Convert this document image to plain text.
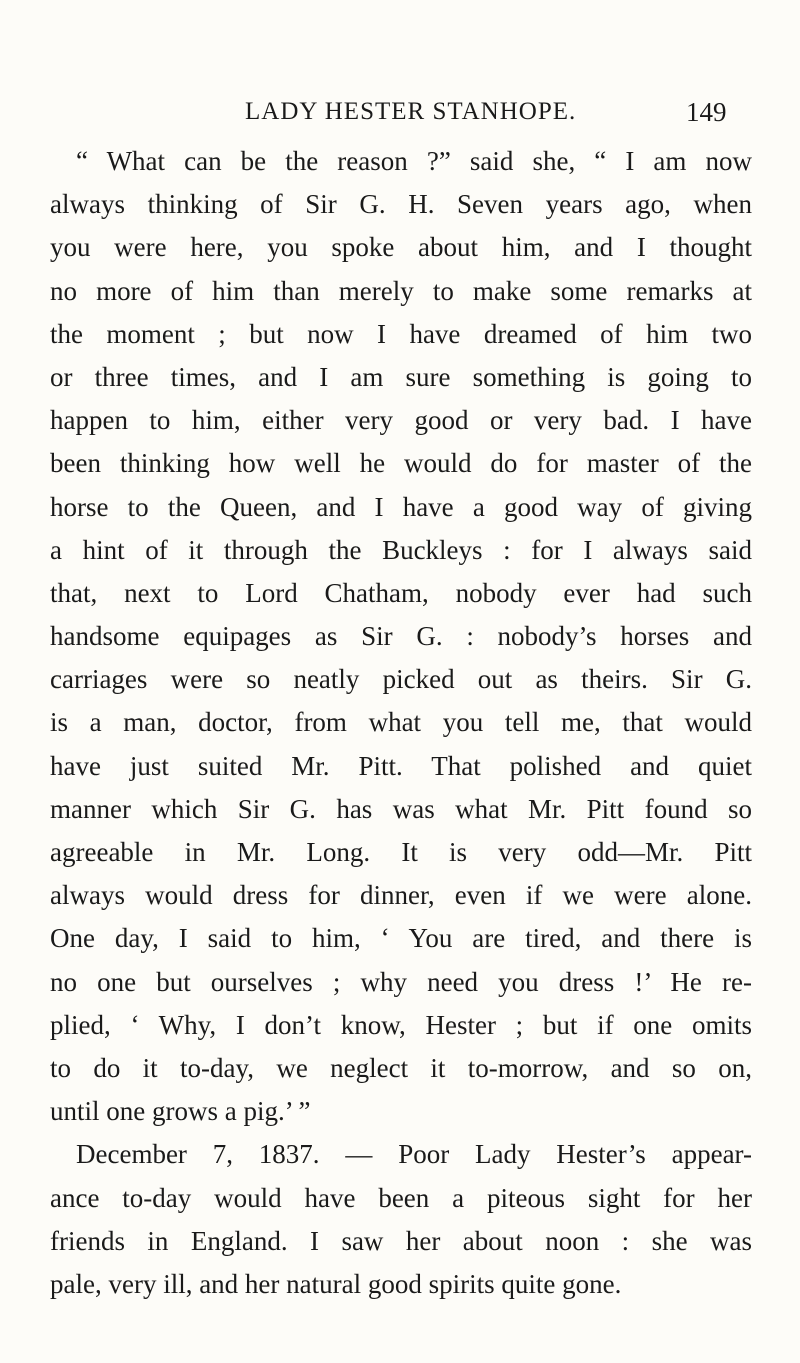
LADY HESTER STANHOPE.	149
“ What can be the reason ?” said she, “ I am now
always thinking of Sir G. H. Seven years ago, when
you were here, you spoke about him, and I thought
no more of him than merely to make some remarks at
the moment ; but now I have dreamed of him two
or three times, and I am sure something is going to
happen to him, either very good or very bad. I have
been thinking how well he would do for master of the
horse to the Queen, and I have a good way of giving
a hint of it through the Buckleys : for I always said
that, next to Lord Chatham, nobody ever had such
handsome equipages as Sir G. : nobody’s horses and
carriages were so neatly picked out as theirs. Sir G.
is a man, doctor, from what you tell me, that would
have just suited Mr. Pitt. That polished and quiet
manner which Sir G. has was what Mr. Pitt found so
agreeable in Mr. Long. It is very odd—Mr. Pitt
always would dress for dinner, even if we were alone.
One day, I said to him, ‘ You are tired, and there is
no one but ourselves ; why need you dress !’ He re-
plied, ‘ Why, I don’t know, Hester ; but if one omits
to do it to-day, we neglect it to-morrow, and so on,
until one grows a pig.’ ”
December 7, 1837. — Poor Lady Hester’s appear-
ance to-day would have been a piteous sight for her
friends in England. I saw her about noon : she was
pale, very ill, and her natural good spirits quite gone.
